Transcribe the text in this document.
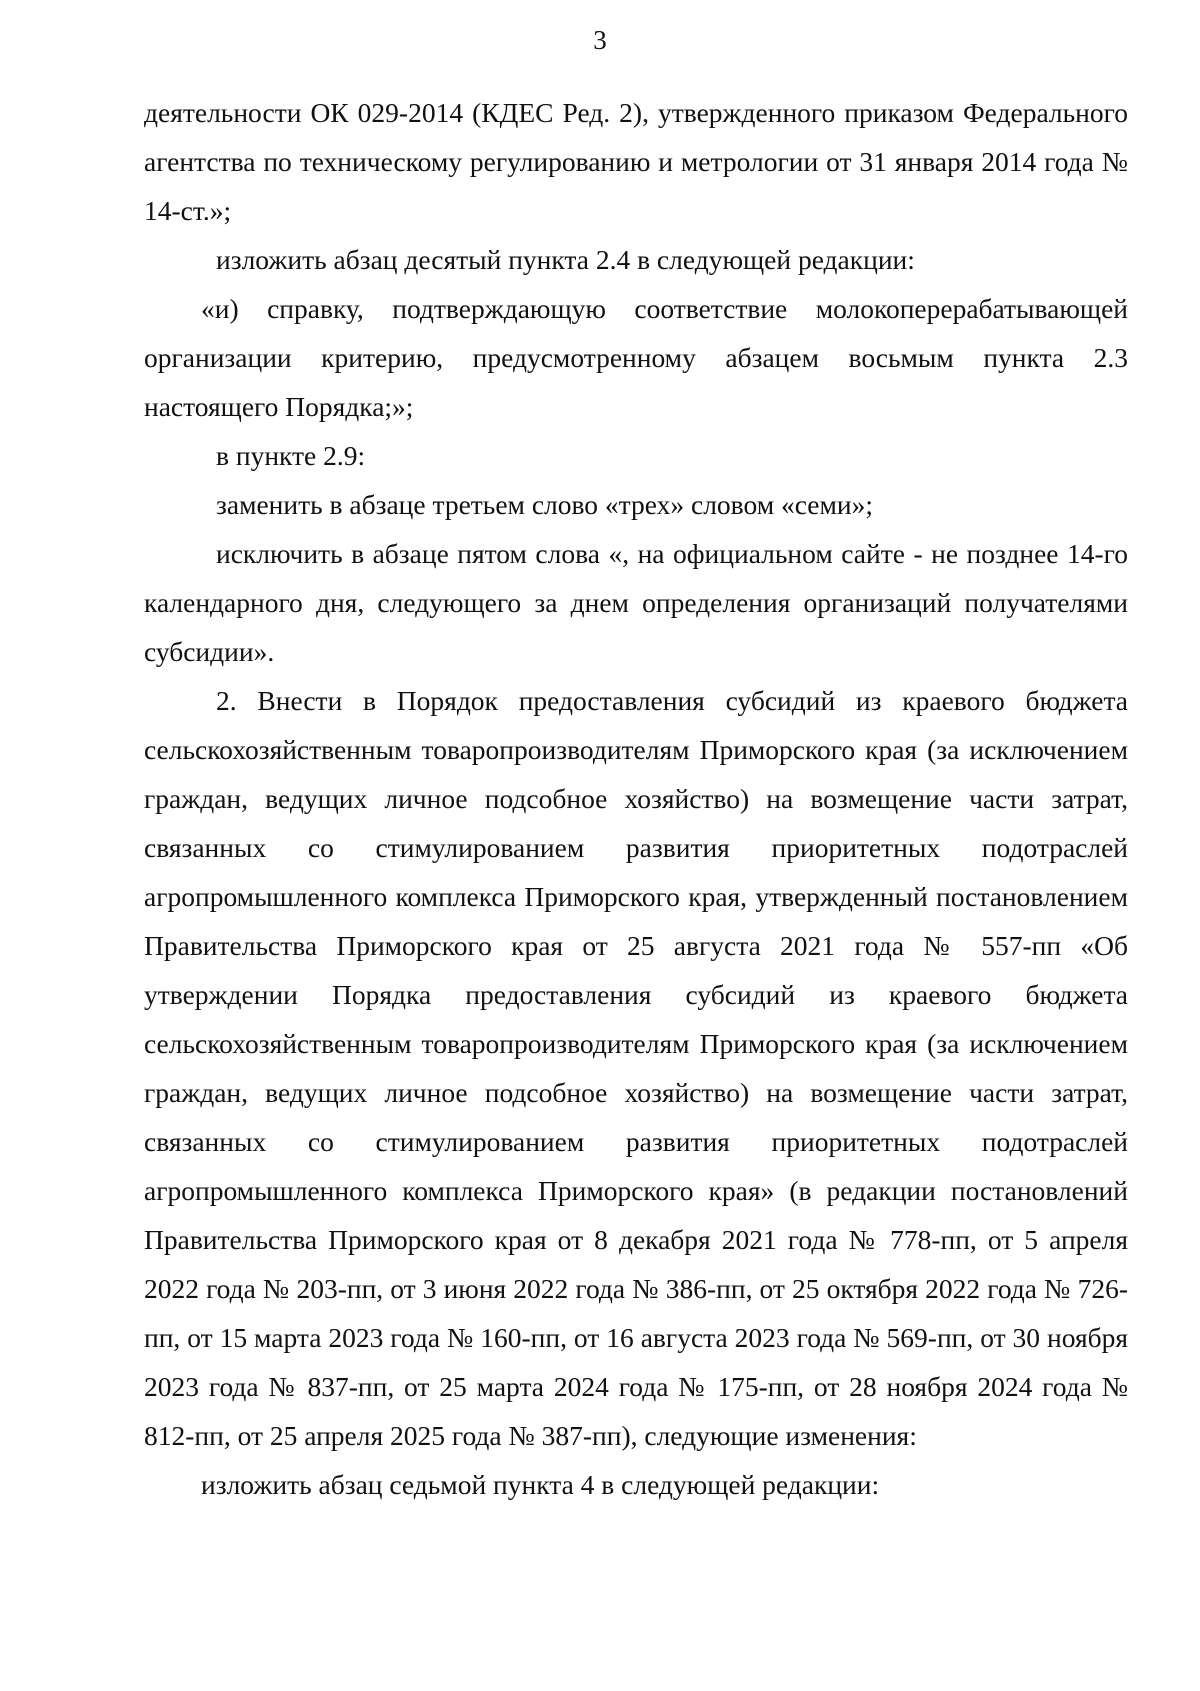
3

деятельности ОК 029-2014 (КДЕС Ред. 2), утвержденного приказом Федерального агентства по техническому регулированию и метрологии от 31 января 2014 года № 14-ст.»;

изложить абзац десятый пункта 2.4 в следующей редакции:

«и) справку, подтверждающую соответствие молокоперерабатывающей организации критерию, предусмотренному абзацем восьмым пункта 2.3 настоящего Порядка;»;

в пункте 2.9:

заменить в абзаце третьем слово «трех» словом «семи»;

исключить в абзаце пятом слова «, на официальном сайте - не позднее 14-го календарного дня, следующего за днем определения организаций получателями субсидии».

2. Внести в Порядок предоставления субсидий из краевого бюджета сельскохозяйственным товаропроизводителям Приморского края (за исключением граждан, ведущих личное подсобное хозяйство) на возмещение части затрат, связанных со стимулированием развития приоритетных подотраслей агропромышленного комплекса Приморского края, утвержденный постановлением Правительства Приморского края от 25 августа 2021 года № 557-пп «Об утверждении Порядка предоставления субсидий из краевого бюджета сельскохозяйственным товаропроизводителям Приморского края (за исключением граждан, ведущих личное подсобное хозяйство) на возмещение части затрат, связанных со стимулированием развития приоритетных подотраслей агропромышленного комплекса Приморского края» (в редакции постановлений Правительства Приморского края от 8 декабря 2021 года № 778-пп, от 5 апреля 2022 года № 203-пп, от 3 июня 2022 года № 386-пп, от 25 октября 2022 года № 726-пп, от 15 марта 2023 года № 160-пп, от 16 августа 2023 года № 569-пп, от 30 ноября 2023 года № 837-пп, от 25 марта 2024 года № 175-пп, от 28 ноября 2024 года № 812-пп, от 25 апреля 2025 года № 387-пп), следующие изменения:

изложить абзац седьмой пункта 4 в следующей редакции:
